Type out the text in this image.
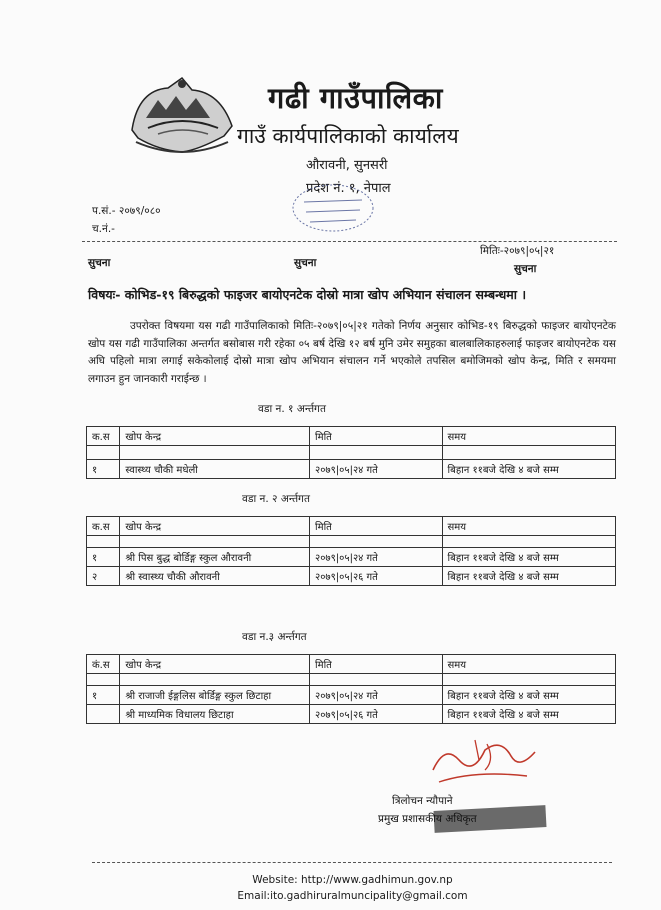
गढी गाउँपालिका
गाउँ कार्यपालिकाको कार्यालय
औरावनी, सुनसरी
प्रदेश नं. १, नेपाल
प.सं.- २०७९/०८०
च.नं.-
मितिः-२०७९|०५|२१
सुचना	सुचना	सुचना
विषयः- कोभिड-१९ बिरुद्धको फाइजर बायोएनटेक दोस्रो मात्रा खोप अभियान संचालन सम्बन्धमा ।
उपरोक्त विषयमा यस गढी गाउँपालिकाको मितिः-२०७९|०५|२१ गतेको निर्णय अनुसार कोभिड-१९ बिरुद्धको फाइजर बायोएनटेक खोप यस गढी गाउँपालिका अन्तर्गत बसोबास गरी रहेका ०५ बर्ष देखि १२ बर्ष मुनि उमेर समुहका बालबालिकाहरुलाई फाइजर बायोएनटेक यस अघि पहिलो मात्रा लगाई सकेकोलाई दोस्रो मात्रा खोप अभियान संचालन गर्ने भएकोले तपसिल बमोजिमको खोप केन्द्र, मिति र समयमा लगाउन हुन जानकारी गराईन्छ ।
वडा न. १ अर्न्तगत
क.स	खोप केन्द्र	मिति	समय

१	स्वास्थ्य चौकी मधेली	२०७९|०५|२४ गते	बिहान ११बजे देखि ४ बजे सम्म
वडा न. २ अर्न्तगत
क.स	खोप केन्द्र	मिति	समय

१	श्री पिस बुद्ध बोर्डिङ्ग स्कुल औरावनी	२०७९|०५|२४ गते	बिहान ११बजे देखि ४ बजे सम्म
२	श्री स्वास्थ्य चौकी औरावनी	२०७९|०५|२६ गते	बिहान ११बजे देखि ४ बजे सम्म
वडा न.३ अर्न्तगत
कं.स	खोप केन्द्र	मिति	समय

१	श्री राजाजी ईङ्गलिस बोर्डिङ्ग स्कुल छिटाहा	२०७९|०५|२४ गते	बिहान ११बजे देखि ४ बजे सम्म
	श्री माध्यमिक विधालय छिटाहा	२०७९|०५|२६ गते	बिहान ११बजे देखि ४ बजे सम्म
त्रिलोचन न्यौपाने
प्रमुख प्रशासकीय अधिकृत
Website: http://www.gadhimun.gov.np
Email:ito.gadhiruralmuncipality@gmail.com
